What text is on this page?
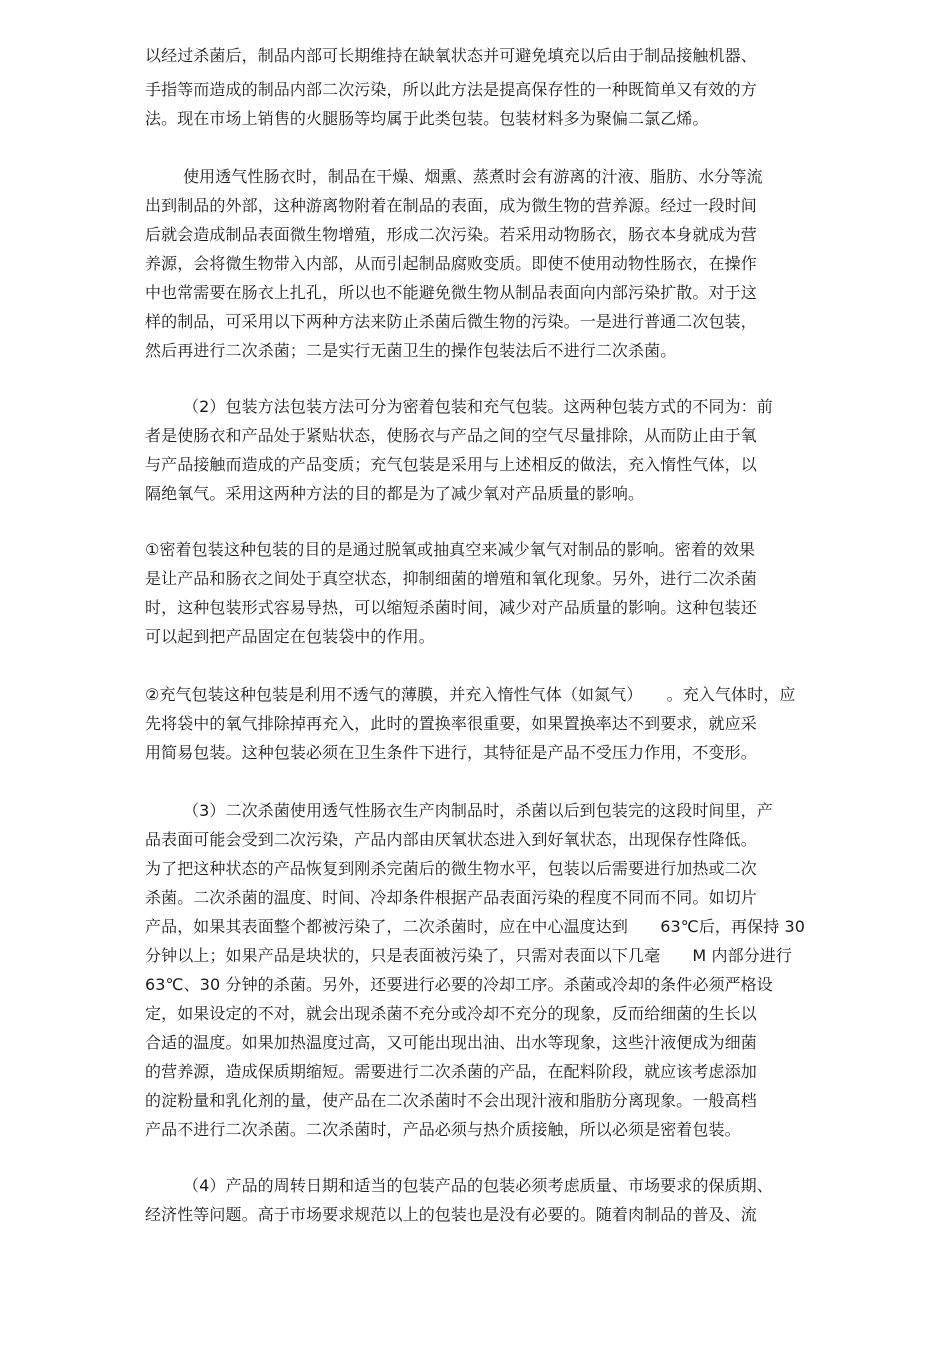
以经过杀菌后，制品内部可长期维持在缺氧状态并可避免填充以后由于制品接触机器、
手指等而造成的制品内部二次污染，所以此方法是提高保存性的一种既简单又有效的方
法。现在市场上销售的火腿肠等均属于此类包装。包装材料多为聚偏二氯乙烯。
使用透气性肠衣时，制品在干燥、烟熏、蒸煮时会有游离的汁液、脂肪、水分等流
出到制品的外部，这种游离物附着在制品的表面，成为微生物的营养源。经过一段时间
后就会造成制品表面微生物增殖，形成二次污染。若采用动物肠衣，肠衣本身就成为营
养源，会将微生物带入内部，从而引起制品腐败变质。即使不使用动物性肠衣，在操作
中也常需要在肠衣上扎孔，所以也不能避免微生物从制品表面向内部污染扩散。对于这
样的制品，可采用以下两种方法来防止杀菌后微生物的污染。一是进行普通二次包装，
然后再进行二次杀菌；二是实行无菌卫生的操作包装法后不进行二次杀菌。
（2）包装方法包装方法可分为密着包装和充气包装。这两种包装方式的不同为：前
者是使肠衣和产品处于紧贴状态，使肠衣与产品之间的空气尽量排除，从而防止由于氧
与产品接触而造成的产品变质；充气包装是采用与上述相反的做法，充入惰性气体，以
隔绝氧气。采用这两种方法的目的都是为了减少氧对产品质量的影响。
①密着包装这种包装的目的是通过脱氧或抽真空来减少氧气对制品的影响。密着的效果
是让产品和肠衣之间处于真空状态，抑制细菌的增殖和氧化现象。另外，进行二次杀菌
时，这种包装形式容易导热，可以缩短杀菌时间，减少对产品质量的影响。这种包装还
可以起到把产品固定在包装袋中的作用。
②充气包装这种包装是利用不透气的薄膜，并充入惰性气体（如氮气）　　。充入气体时，应
先将袋中的氧气排除掉再充入，此时的置换率很重要，如果置换率达不到要求，就应采
用简易包装。这种包装必须在卫生条件下进行，其特征是产品不受压力作用，不变形。
（3）二次杀菌使用透气性肠衣生产肉制品时，杀菌以后到包装完的这段时间里，产
品表面可能会受到二次污染，产品内部由厌氧状态进入到好氧状态，出现保存性降低。
为了把这种状态的产品恢复到刚杀完菌后的微生物水平，包装以后需要进行加热或二次
杀菌。二次杀菌的温度、时间、冷却条件根据产品表面污染的程度不同而不同。如切片
产品，如果其表面整个都被污染了，二次杀菌时，应在中心温度达到　　63℃后，再保持 30
分钟以上；如果产品是块状的，只是表面被污染了，只需对表面以下几毫　　M 内部分进行
63℃、30 分钟的杀菌。另外，还要进行必要的冷却工序。杀菌或冷却的条件必须严格设
定，如果设定的不对，就会出现杀菌不充分或冷却不充分的现象，反而给细菌的生长以
合适的温度。如果加热温度过高，又可能出现出油、出水等现象，这些汁液便成为细菌
的营养源，造成保质期缩短。需要进行二次杀菌的产品，在配料阶段，就应该考虑添加
的淀粉量和乳化剂的量，使产品在二次杀菌时不会出现汁液和脂肪分离现象。一般高档
产品不进行二次杀菌。二次杀菌时，产品必须与热介质接触，所以必须是密着包装。
（4）产品的周转日期和适当的包装产品的包装必须考虑质量、市场要求的保质期、
经济性等问题。高于市场要求规范以上的包装也是没有必要的。随着肉制品的普及、流
